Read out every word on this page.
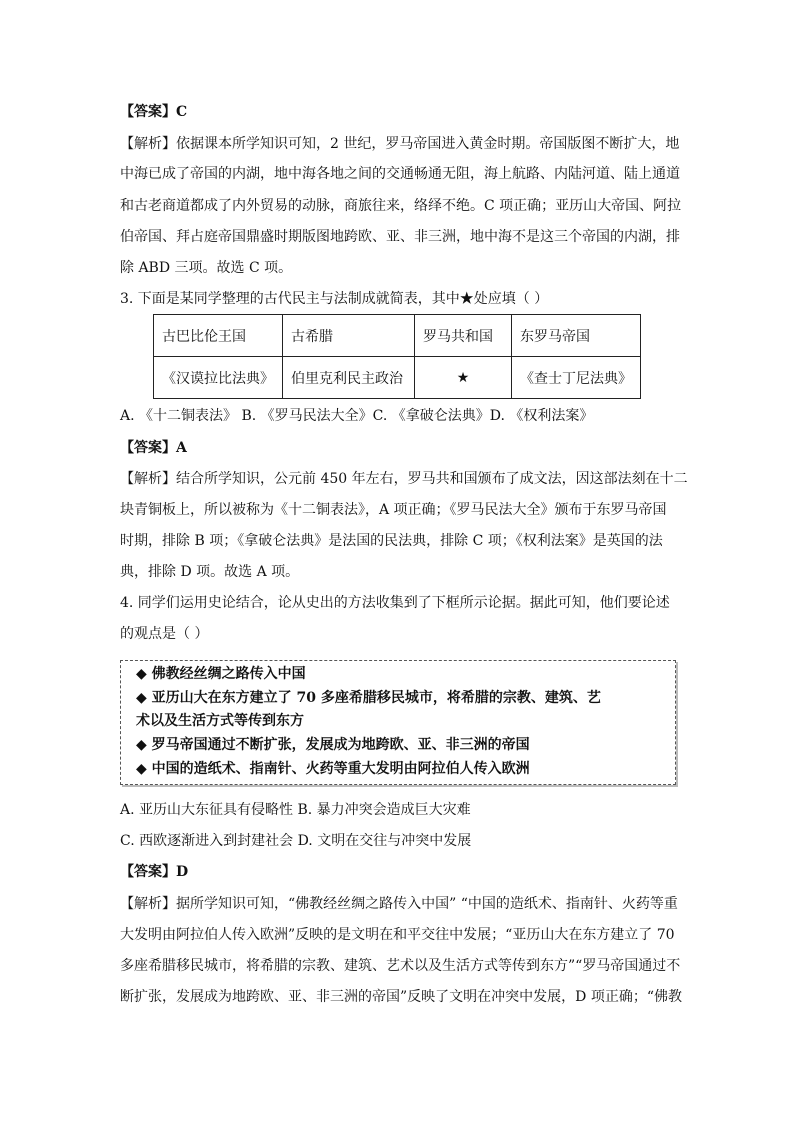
【答案】C
【解析】依据课本所学知识可知，2 世纪，罗马帝国进入黄金时期。帝国版图不断扩大，地
中海已成了帝国的内湖，地中海各地之间的交通畅通无阻，海上航路、内陆河道、陆上通道
和古老商道都成了内外贸易的动脉，商旅往来，络绎不绝。C 项正确；亚历山大帝国、阿拉
伯帝国、拜占庭帝国鼎盛时期版图地跨欧、亚、非三洲，地中海不是这三个帝国的内湖，排
除 ABD 三项。故选 C 项。
3. 下面是某同学整理的古代民主与法制成就简表，其中★处应填（ ）
古巴比伦王国	古希腊	罗马共和国	东罗马帝国
《汉谟拉比法典》	伯里克利民主政治	★	《查士丁尼法典》
A. 《十二铜表法》 B. 《罗马民法大全》C. 《拿破仑法典》D. 《权利法案》
【答案】A
【解析】结合所学知识，公元前 450 年左右，罗马共和国颁布了成文法，因这部法刻在十二
块青铜板上，所以被称为《十二铜表法》，A 项正确；《罗马民法大全》颁布于东罗马帝国
时期，排除 B 项；《拿破仑法典》是法国的民法典，排除 C 项；《权利法案》是英国的法
典，排除 D 项。故选 A 项。
4. 同学们运用史论结合，论从史出的方法收集到了下框所示论据。据此可知，他们要论述
的观点是（ ）
◆ 佛教经丝绸之路传入中国
◆ 亚历山大在东方建立了 70 多座希腊移民城市，将希腊的宗教、建筑、艺
术以及生活方式等传到东方
◆ 罗马帝国通过不断扩张，发展成为地跨欧、亚、非三洲的帝国
◆ 中国的造纸术、指南针、火药等重大发明由阿拉伯人传入欧洲
A. 亚历山大东征具有侵略性 B. 暴力冲突会造成巨大灾难
C. 西欧逐渐进入到封建社会 D. 文明在交往与冲突中发展
【答案】D
【解析】据所学知识可知，“佛教经丝绸之路传入中国” “中国的造纸术、指南针、火药等重
大发明由阿拉伯人传入欧洲”反映的是文明在和平交往中发展；“亚历山大在东方建立了 70
多座希腊移民城市，将希腊的宗教、建筑、艺术以及生活方式等传到东方”“罗马帝国通过不
断扩张，发展成为地跨欧、亚、非三洲的帝国”反映了文明在冲突中发展，D 项正确；“佛教
